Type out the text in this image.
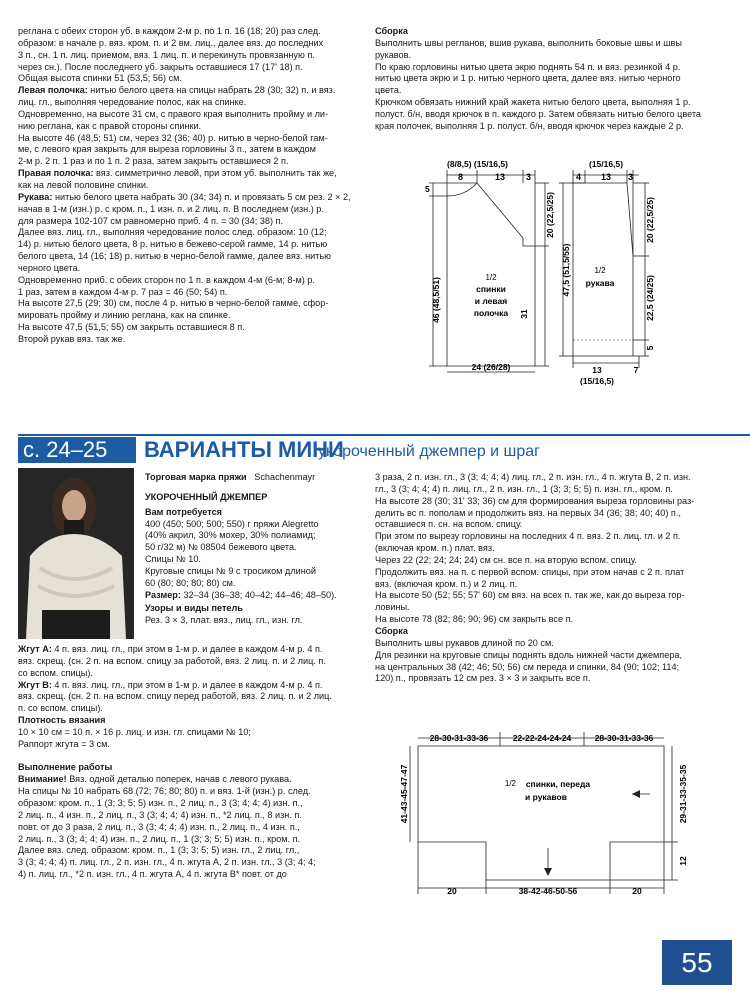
реглана с обеих сторон уб. в каждом 2-м р. по 1 п. 16 (18; 20) раз след.

образом: в начале р. вяз. кром. п. и 2 вм. лиц., далее вяз. до последних

3 п., сн. 1 п. лиц. приемом, вяз. 1 лиц. п. и перекинуть провязанную п.

через сн.). После последнего уб. закрыть оставшиеся 17 (17' 18) п.

Общая высота спинки 51 (53,5; 56) см.

Левая полочка: нитью белого цвета на спицы набрать 28 (30; 32) п. и вяз.

лиц. гл., выполняя чередование полос, как на спинке.

Одновременно, на высоте 31 см, с правого края выполнить пройму и ли-

нию реглана, как с правой стороны спинки.

На высоте 46 (48,5; 51) см, через 32 (36; 40) р. нитью в черно-белой гам-

ме, с левого края закрыть для выреза горловины 3 п., затем в каждом

2-м р. 2 п. 1 раз и по 1 п. 2 раза, затем закрыть оставшиеся 2 п.

Правая полочка: вяз. симметрично левой, при этом уб. выполнить так же,

как на левой половине спинки.

Рукава: нитью белого цвета набрать 30 (34; 34) п. и провязать 5 см рез. 2 × 2,

начав в 1-м (изн.) р. с кром. п., 1 изн. п. и 2 лиц. п. В последнем (изн.) р.

для размера 102-107 см равномерно приб. 4 п. = 30 (34; 38) п.

Далее вяз. лиц. гл., выполняя чередование полос след. образом: 10 (12;

14) р. нитью белого цвета, 8 р. нитью в бежево-серой гамме, 14 р. нитью

белого цвета, 14 (16; 18) р. нитью в черно-белой гамме, далее вяз. нитью

черного цвета.

Одновременно приб. с обеих сторон по 1 п. в каждом 4-м (6-м; 8-м) р.

1 раз, затем в каждом 4-м р. 7 раз = 46 (50; 54) п.

На высоте 27,5 (29; 30) см, после 4 р. нитью в черно-белой гамме, сфор-

мировать пройму и линию реглана, как на спинке.

На высоте 47,5 (51,5; 55) см закрыть оставшиеся 8 п.

Второй рукав вяз. так же.

Сборка

Выполнить швы регланов, вшив рукава, выполнить боковые швы и швы

рукавов.

По краю горловины нитью цвета экрю поднять 54 п. и вяз. резинкой 4 р.

нитью цвета экрю и 1 р. нитью черного цвета, далее вяз. нитью черного

цвета.

Крючком обвязать нижний край жакета нитью белого цвета, выполняя 1 р.

полуст. б/н, вводя крючок в п. каждого р. Затем обвязать нитью белого цвета

края полочек, выполняя 1 р. полуст. б/н, вводя крючок через каждые 2 р.

(8/8,5) (15/16,5)
8	13 3
5
46 (48,5/51)
20 (22,5/25)
31
24 (26/28)
1/2
спинки
и левая
полочка
(15/16,5)
4 13 3
47,5 (51,5/55)
20 (22,5/25)
22,5 (24/25)
5
13	7
(15/16,5)
1/2
рукава
с. 24–25	ВАРИАНТЫ МИНИ
укороченный джемпер и шраг

Торговая марка пряжи Schachenmayr

УКОРОЧЕННЫЙ ДЖЕМПЕР

Вам потребуется

400 (450; 500; 500; 550) г пряжи Alegretto

(40% акрил, 30% мохер, 30% полиамид;

50 г/32 м) № 08504 бежевого цвета.

Спицы № 10.

Круговые спицы № 9 с тросиком длиной

60 (80; 80; 80; 80) см.

Размер: 32–34 (36–38; 40–42; 44–46; 48–50).

Узоры и виды петель

Рез. 3 × 3, плат. вяз., лиц. гл., изн. гл.

Жгут А: 4 п. вяз. лиц. гл., при этом в 1-м р. и далее в каждом 4-м р. 4 п.

вяз. скрещ. (сн. 2 п. на вспом. спицу за работой, вяз. 2 лиц. п. и 2 лиц. п.

со вспом. спицы).

Жгут В: 4 п. вяз. лиц. гл., при этом в 1-м р. и далее в каждом 4-м р. 4 п.

вяз. скрещ. (сн. 2 п. на вспом. спицу перед работой, вяз. 2 лиц. п. и 2 лиц.

п. со вспом. спицы).

Плотность вязания

10 × 10 см = 10 п. × 16 р. лиц. и изн. гл. спицами № 10;

Раппорт жгута = 3 см.

Выполнение работы

Внимание! Вяз. одной деталью поперек, начав с левого рукава.

На спицы № 10 набрать 68 (72; 76; 80; 80) п. и вяз. 1-й (изн.) р. след.

образом: кром. п., 1 (3; 3; 5; 5) изн. п., 2 лиц. п., 3 (3; 4; 4; 4) изн. п.,

2 лиц. п., 4 изн. п., 2 лиц. п., 3 (3; 4; 4; 4) изн. п., *2 лиц. п., 8 изн. п.

повт. от до 3 раза, 2 лиц. п., 3 (3; 4; 4; 4) изн. п., 2 лиц. п., 4 изн. п.,

2 лиц. п., 3 (3; 4; 4; 4) изн. п., 2 лиц. п., 1 (3; 3; 5; 5) изн. п., кром. п.

Далее вяз. след. образом: кром. п., 1 (3; 3; 5; 5) изн. гл., 2 лиц. гл.,

3 (3; 4; 4; 4) п. лиц. гл., 2 п. изн. гл., 4 п. жгута А, 2 п. изн. гл., 3 (3; 4; 4;

4) п. лиц. гл., *2 п. изн. гл., 4 п. жгута А, 4 п. жгута В* повт. от до

3 раза, 2 п. изн. гл., 3 (3; 4; 4; 4) лиц. гл., 2 п. изн. гл., 4 п. жгута В, 2 п. изн.

гл., 3 (3; 4; 4; 4) п. лиц. гл., 2 п. изн. гл., 1 (3; 3; 5; 5) п. изн. гл., кром. п.

На высоте 28 (30; 31' 33; 36) см для формирования выреза горловины раз-

делить вс п. пополам и продолжить вяз. на первых 34 (36; 38; 40; 40) п.,

оставшиеся п. сн. на вспом. спицу.

При этом по вырезу горловины на последних 4 п. вяз. 2 п. лиц. гл. и 2 п.

(включая кром. п.) плат. вяз.

Через 22 (22; 24; 24; 24) см сн. все п. на вторую вспом. спицу.

Продолжить вяз. на п. с первой вспом. спицы, при этом начав с 2 п. плат

вяз. (включая кром. п.) и 2 лиц. п.

На высоте 50 (52; 55; 57' 60) см вяз. на всех п. так же, как до выреза гор-

ловины.

На высоте 78 (82; 86; 90; 96) см закрыть все п.

Сборка

Выполнить швы рукавов длиной по 20 см.

Для резинки на круговые спицы поднять вдоль нижней части джемпера,

на центральных 38 (42; 46; 50; 56) см переда и спинки, 84 (90; 102; 114;

120) п., провязать 12 см рез. 3 × 3 и закрыть все п.

28-30-31-33-36	22-22-24-24-24	28-30-31-33-36
41-43-45-47-47	29-31-33-35-35
12
20	38-42-46-50-56	20
1/2 спинки, переда
и рукавов
55
